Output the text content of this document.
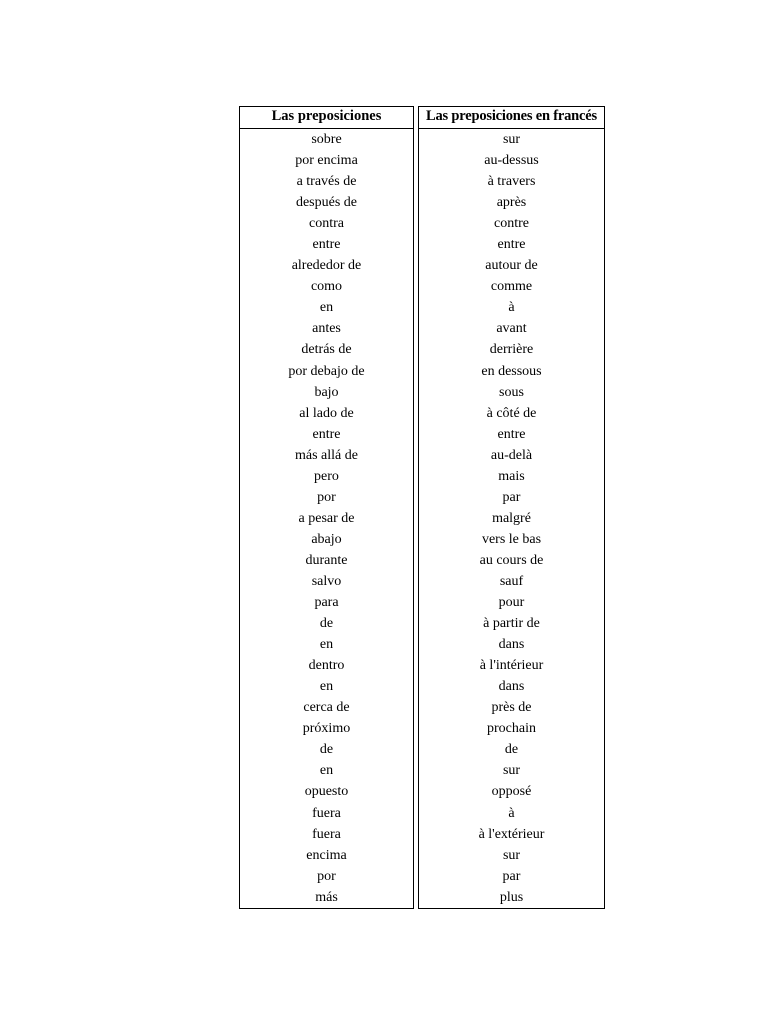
Las preposiciones
sobre
por encima
a través de
después de
contra
entre
alrededor de
como
en
antes
detrás de
por debajo de
bajo
al lado de
entre
más allá de
pero
por
a pesar de
abajo
durante
salvo
para
de
en
dentro
en
cerca de
próximo
de
en
opuesto
fuera
fuera
encima
por
más
Las preposiciones en francés
sur
au-dessus
à travers
après
contre
entre
autour de
comme
à
avant
derrière
en dessous
sous
à côté de
entre
au-delà
mais
par
malgré
vers le bas
au cours de
sauf
pour
à partir de
dans
à l'intérieur
dans
près de
prochain
de
sur
opposé
à
à l'extérieur
sur
par
plus
